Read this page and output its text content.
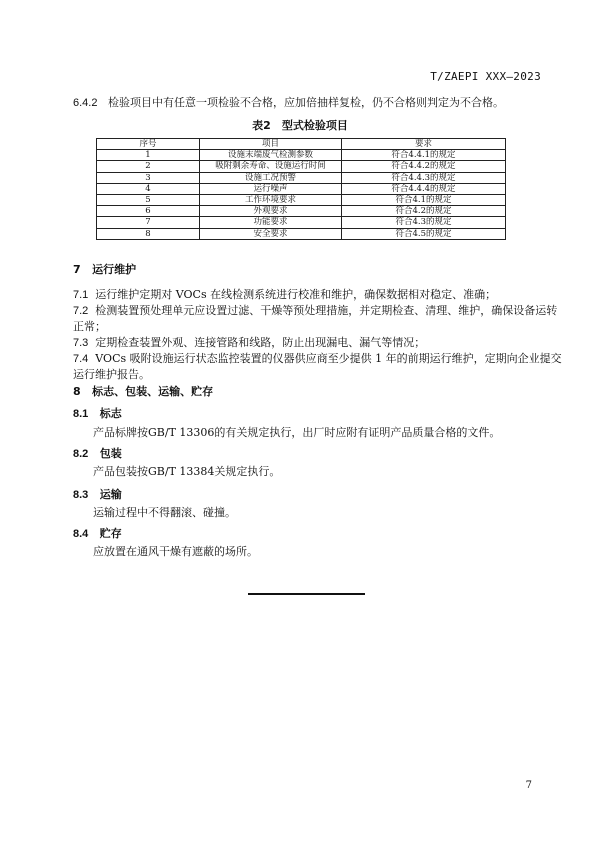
T/ZAEPI XXX—2023
6.4.2 检验项目中有任意一项检验不合格，应加倍抽样复检，仍不合格则判定为不合格。
表2　型式检验项目
序号	项目	要求
1	设施末端废气检测参数	符合4.4.1的规定
2	吸附剩余寿命、设施运行时间	符合4.4.2的规定
3	设施工况预警	符合4.4.3的规定
4	运行噪声	符合4.4.4的规定
5	工作环境要求	符合4.1的规定
6	外观要求	符合4.2的规定
7	功能要求	符合4.3的规定
8	安全要求	符合4.5的规定
7 运行维护
7.1 运行维护定期对 VOCs 在线检测系统进行校准和维护，确保数据相对稳定、准确；
7.2 检测装置预处理单元应设置过滤、干燥等预处理措施，并定期检查、清理、维护，确保设备运转
正常；
7.3 定期检查装置外观、连接管路和线路，防止出现漏电、漏气等情况；
7.4 VOCs 吸附设施运行状态监控装置的仪器供应商至少提供 1 年的前期运行维护，定期向企业提交
运行维护报告。
8 标志、包装、运输、贮存
8.1 标志
产品标牌按GB/T 13306的有关规定执行，出厂时应附有证明产品质量合格的文件。
8.2 包装
产品包装按GB/T 13384关规定执行。
8.3 运输
运输过程中不得翻滚、碰撞。
8.4 贮存
应放置在通风干燥有遮蔽的场所。
7
